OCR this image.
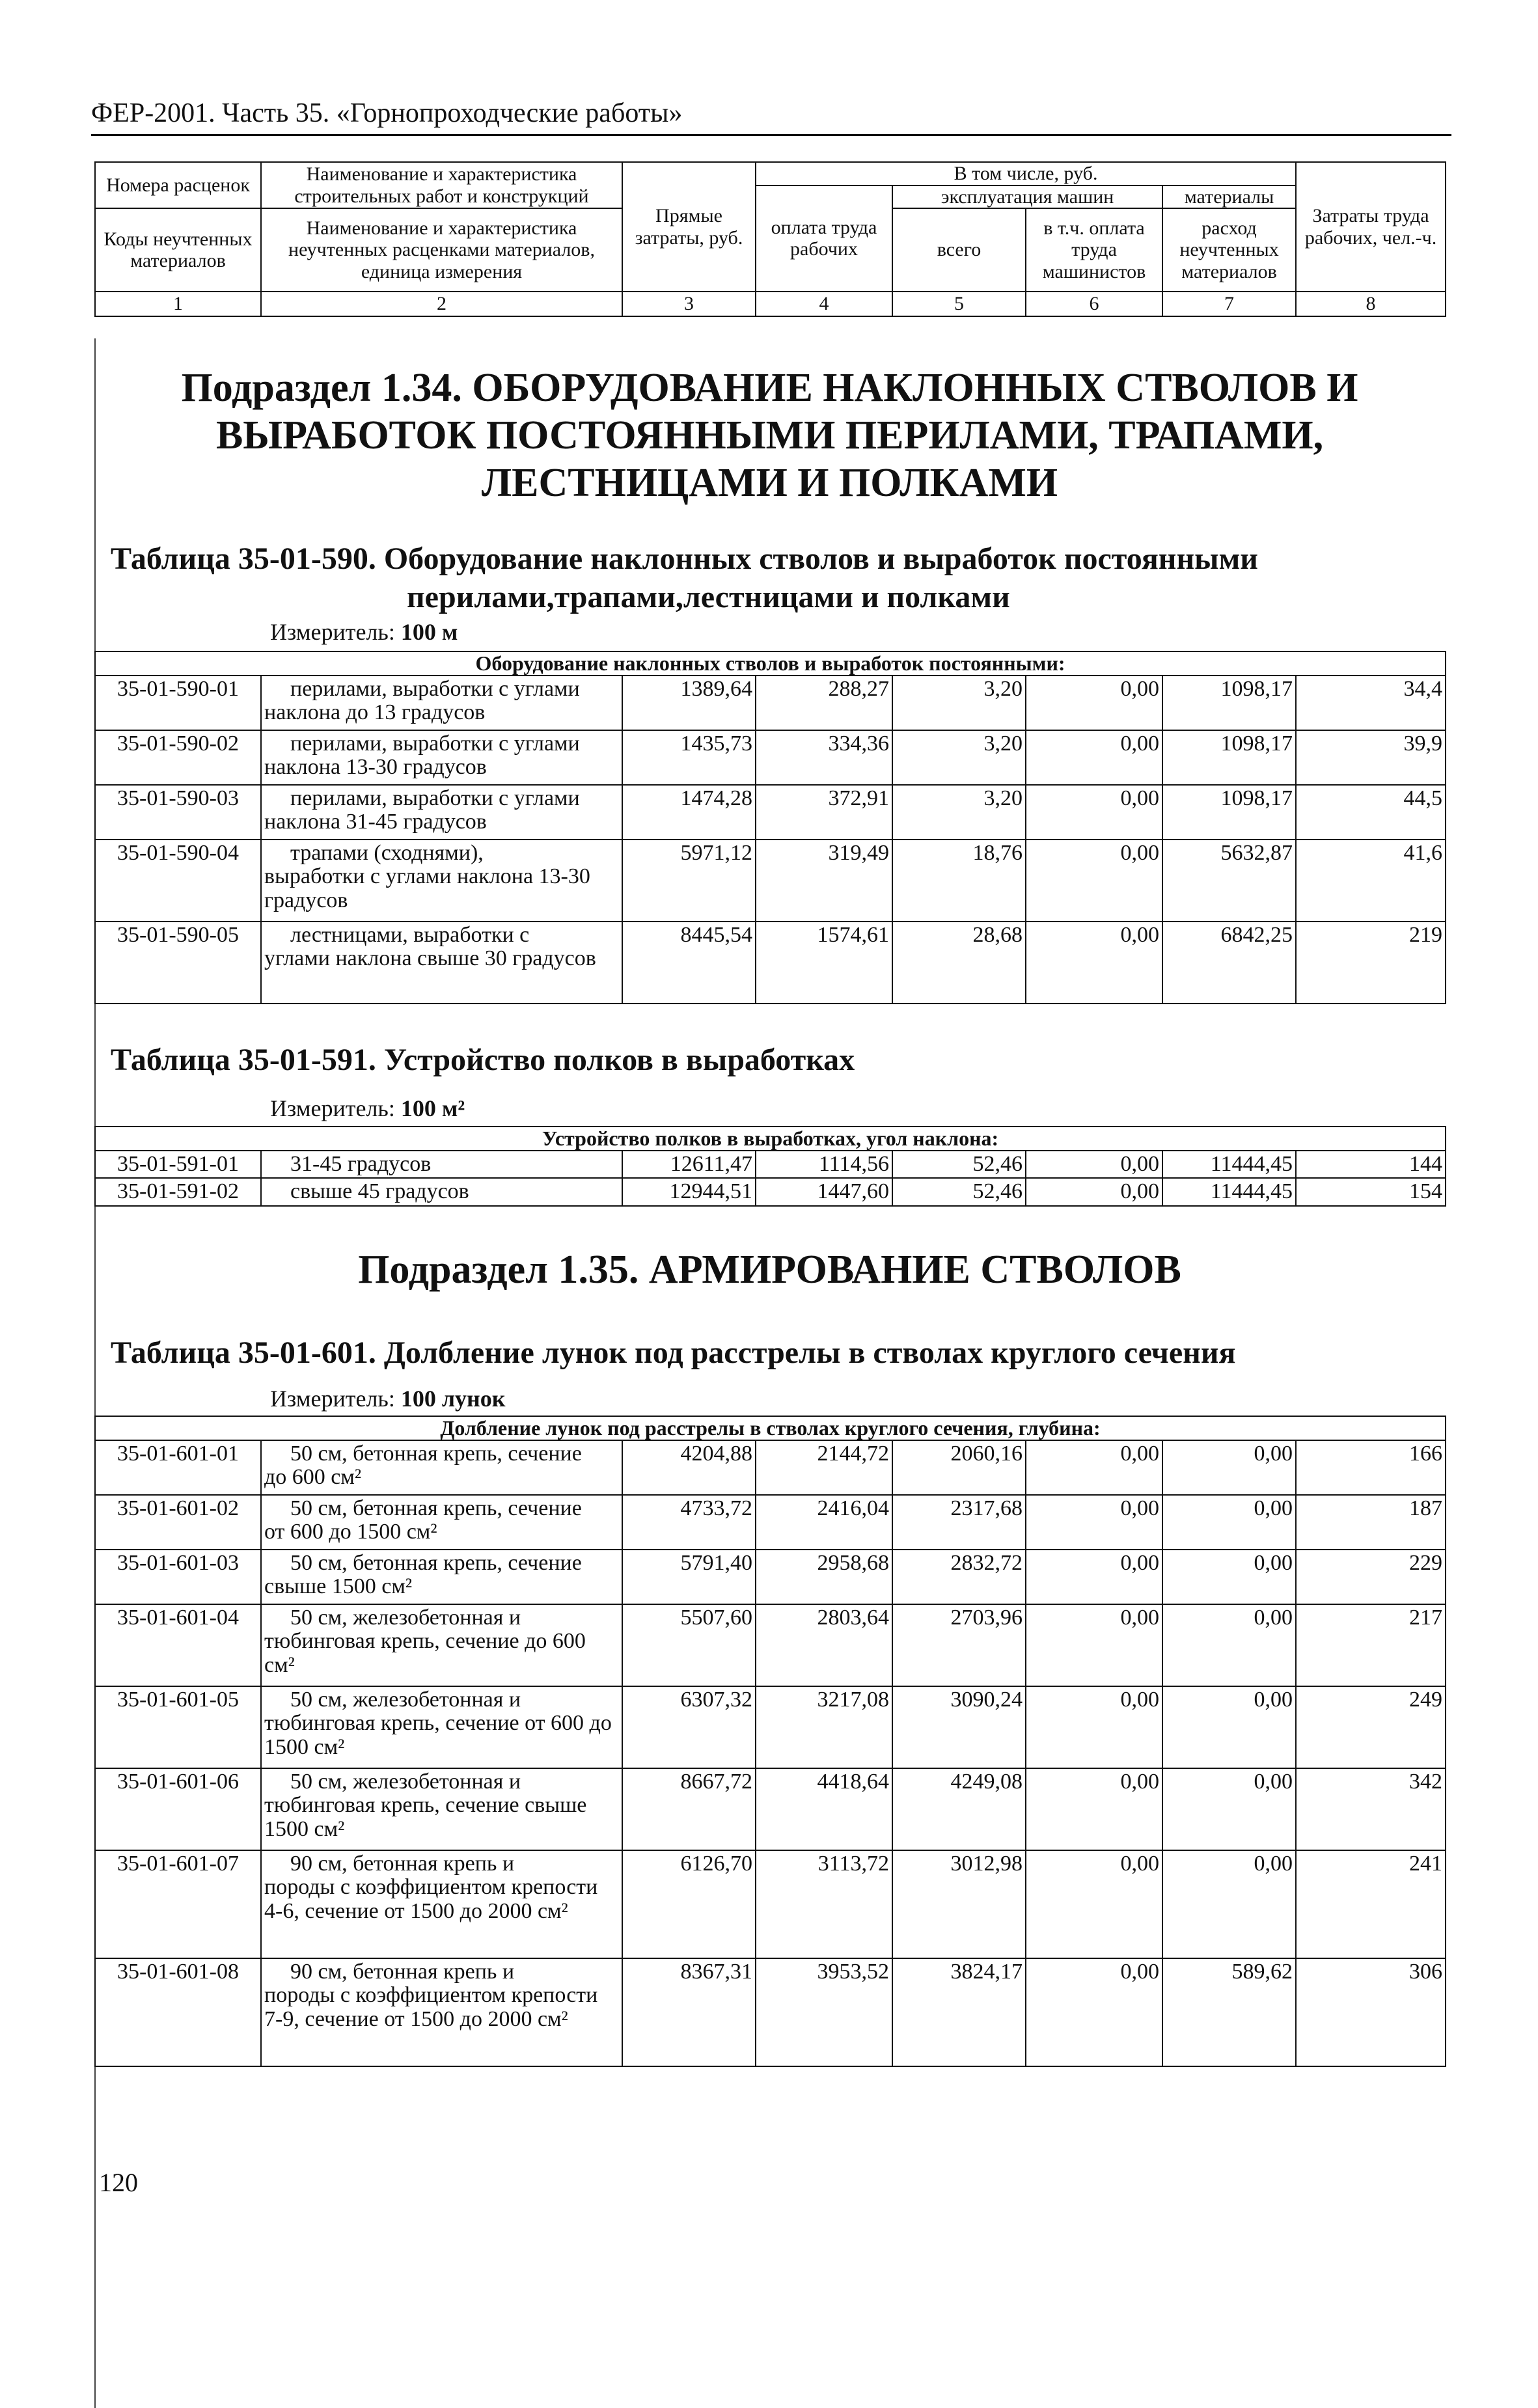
ФЕР-2001. Часть 35. «Горнопроходческие работы»
Номера расценок	Наименование и характеристика строительных работ и конструкций	Прямые затраты, руб.	В том числе, руб.				Затраты труда рабочих, чел.-ч.
			оплата труда рабочих	эксплуатация машин		материалы	
Коды неучтенных материалов	Наименование и характеристика неучтенных расценками материалов, единица измерения			всего	в т.ч. оплата труда машинистов	расход неучтенных материалов	

1	2	3	4	5	6	7	8
Подраздел 1.34. ОБОРУДОВАНИЕ НАКЛОННЫХ СТВОЛОВ И ВЫРАБОТОК ПОСТОЯННЫМИ ПЕРИЛАМИ, ТРАПАМИ, ЛЕСТНИЦАМИ И ПОЛКАМИ
Таблица 35-01-590. Оборудование наклонных стволов и выработок постоянными
перилами,трапами,лестницами и полками
Измеритель: 100 м
Оборудование наклонных стволов и выработок постоянными:							
35-01-590-01	перилами, выработки с углами
наклона до 13 градусов	1389,64	288,27	3,20	0,00	1098,17	34,4
35-01-590-02	перилами, выработки с углами
наклона 13-30 градусов	1435,73	334,36	3,20	0,00	1098,17	39,9
35-01-590-03	перилами, выработки с углами
наклона 31-45 градусов	1474,28	372,91	3,20	0,00	1098,17	44,5
35-01-590-04	трапами (сходнями),
выработки с углами наклона 13-30 градусов	5971,12	319,49	18,76	0,00	5632,87	41,6
35-01-590-05	лестницами, выработки с
углами наклона свыше 30 градусов	8445,54	1574,61	28,68	0,00	6842,25	219
Таблица 35-01-591. Устройство полков в выработках
Измеритель: 100 м²
Устройство полков в выработках, угол наклона:							
35-01-591-01	31-45 градусов	12611,47	1114,56	52,46	0,00	11444,45	144
35-01-591-02	свыше 45 градусов	12944,51	1447,60	52,46	0,00	11444,45	154
Подраздел 1.35. АРМИРОВАНИЕ СТВОЛОВ
Таблица 35-01-601. Долбление лунок под расстрелы в стволах круглого сечения
Измеритель: 100 лунок
Долбление лунок под расстрелы в стволах круглого сечения, глубина:							
35-01-601-01	50 см, бетонная крепь, сечение
до 600 см²	4204,88	2144,72	2060,16	0,00	0,00	166
35-01-601-02	50 см, бетонная крепь, сечение
от 600 до 1500 см²	4733,72	2416,04	2317,68	0,00	0,00	187
35-01-601-03	50 см, бетонная крепь, сечение
свыше 1500 см²	5791,40	2958,68	2832,72	0,00	0,00	229
35-01-601-04	50 см, железобетонная и
тюбинговая крепь, сечение до 600 см²	5507,60	2803,64	2703,96	0,00	0,00	217
35-01-601-05	50 см, железобетонная и
тюбинговая крепь, сечение от 600 до 1500 см²	6307,32	3217,08	3090,24	0,00	0,00	249
35-01-601-06	50 см, железобетонная и
тюбинговая крепь, сечение свыше 1500 см²	8667,72	4418,64	4249,08	0,00	0,00	342
35-01-601-07	90 см, бетонная крепь и
породы с коэффициентом крепости 4-6, сечение от 1500 до 2000 см²	6126,70	3113,72	3012,98	0,00	0,00	241
35-01-601-08	90 см, бетонная крепь и
породы с коэффициентом крепости 7-9, сечение от 1500 до 2000 см²	8367,31	3953,52	3824,17	0,00	589,62	306
120
